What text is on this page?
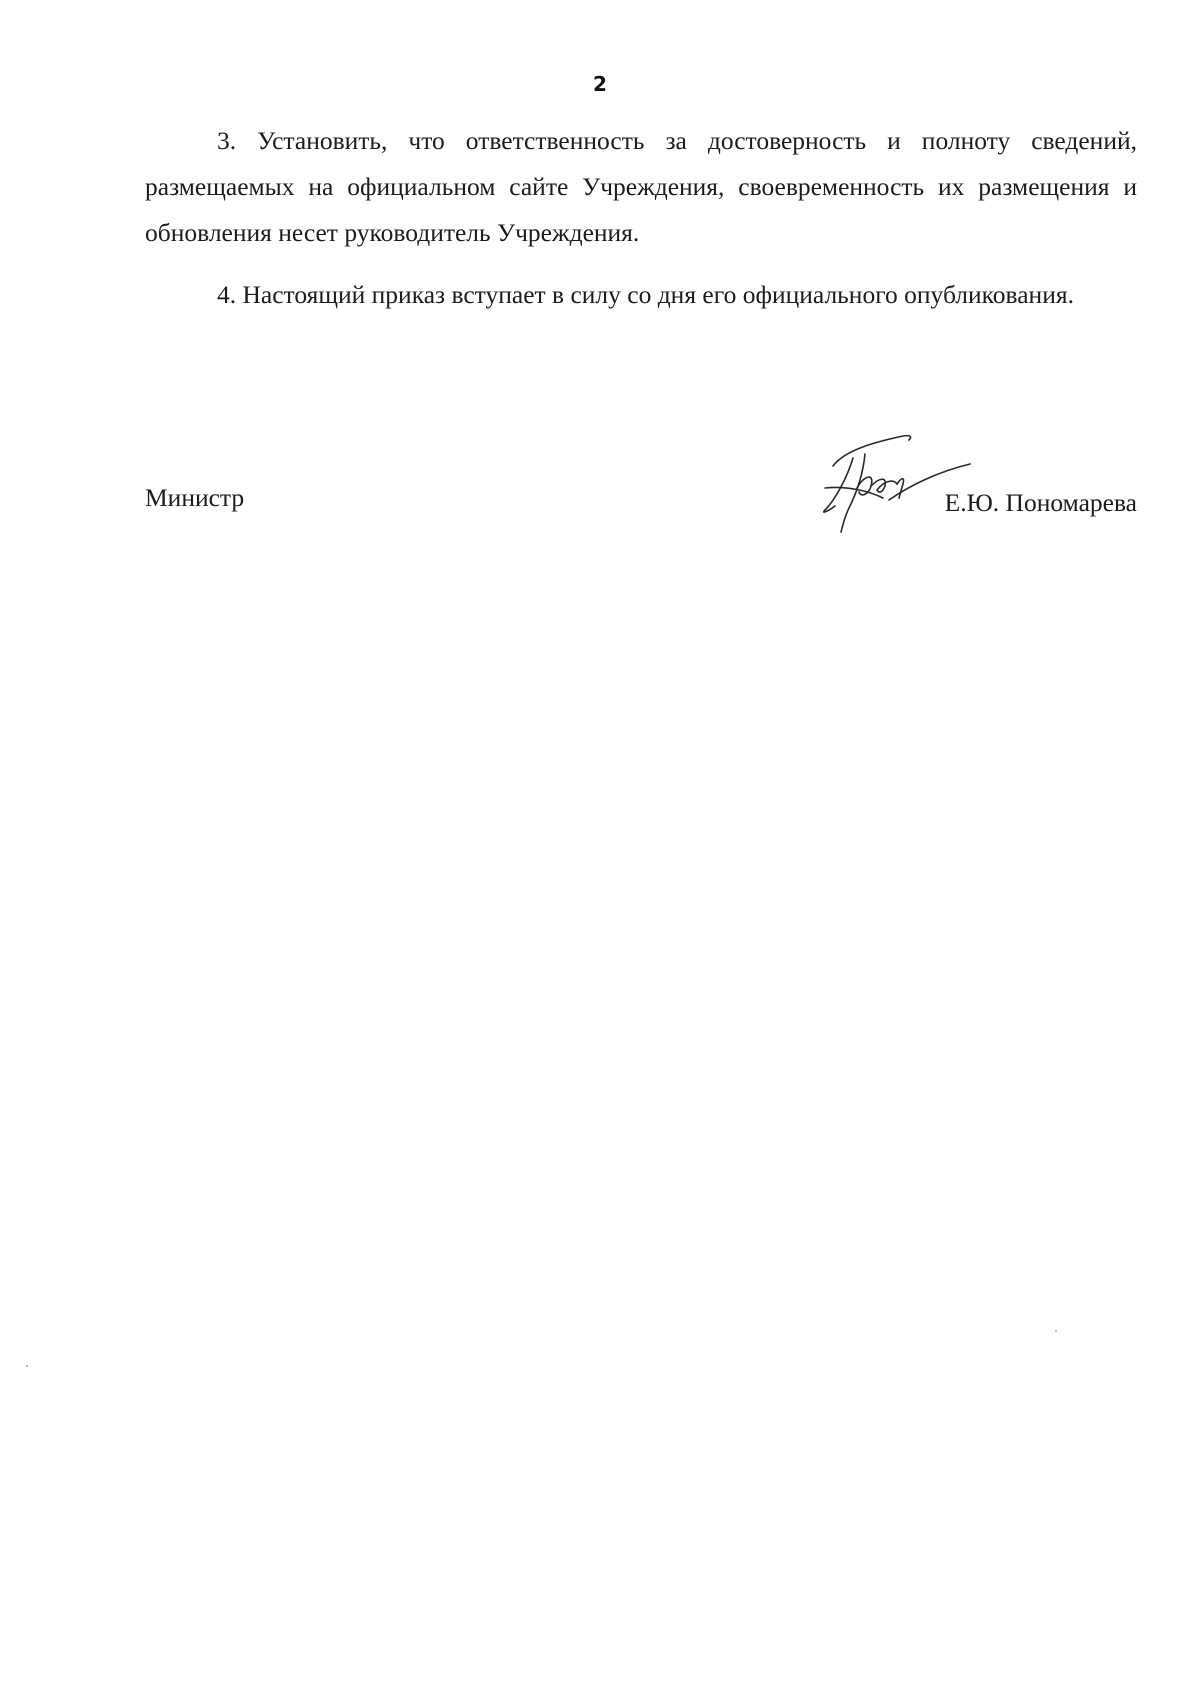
2

3. Установить, что ответственность за достоверность и полноту сведений, размещаемых на официальном сайте Учреждения, своевременность их размещения и обновления несет руководитель Учреждения.

4. Настоящий приказ вступает в силу со дня его официального опубликования.

Министр	Е.Ю. Пономарева
